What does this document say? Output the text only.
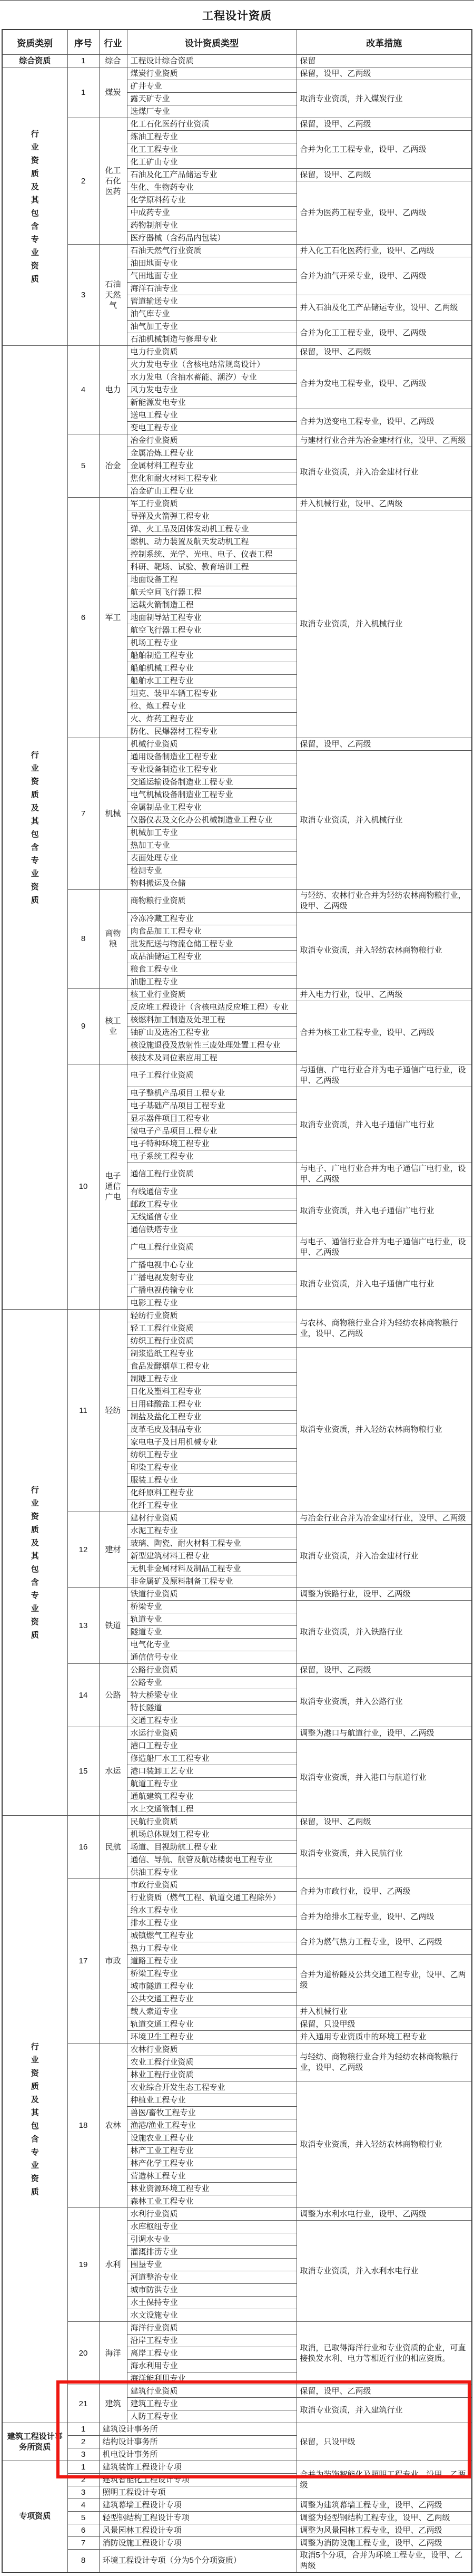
工程设计资质
资质类别	序号	行业	设计资质类型	改革措施
综合资质	1	综合	工程设计综合资质	保留

行业资质及其包含专业资质	1	煤炭	煤炭行业资质	保留，设甲、乙两级
			矿井专业	取消专业资质，并入煤炭行业
			露天矿专业	
			选煤厂专业	
	2	化工石化医药	化工石化医药行业资质	保留，设甲、乙两级
			炼油工程专业	合并为化工工程专业，设甲、乙两级
			化工工程专业	
			化工矿山专业	
			石油及化工产品储运专业	保留，设甲、乙两级
			生化、生物药专业	合并为医药工程专业，设甲、乙两级
			化学原料药专业	
			中成药专业	
			药物制剂专业	
			医疗器械（含药品内包装）	
	3	石油天然气	石油天然气行业资质	并入化工石化医药行业，设甲、乙两级
			油田地面专业	合并为油气开采专业，设甲、乙两级
			气田地面专业	
			海洋石油专业	
			管道输送专业	并入石油及化工产品储运专业，设甲、乙两级
			油气库专业	
			油气加工专业	合并为化工工程专业，设甲、乙两级
			石油机械制造与修理专业	

行业资质及其包含专业资质	4	电力	电力行业资质	保留，设甲、乙两级
			火力发电专业（含核电站常规岛设计）	合并为发电工程专业，设甲、乙两级
			水力发电（含抽水蓄能、潮汐）专业	
			风力发电专业	
			新能源发电专业	
			送电工程专业	合并为送变电工程专业，设甲、乙两级
			变电工程专业	
	5	冶金	冶金行业资质	与建材行业合并为冶金建材行业，设甲、乙两级
			金属冶炼工程专业	取消专业资质，并入冶金建材行业
			金属材料工程专业	
			焦化和耐火材料工程专业	
			冶金矿山工程专业	
	6	军工	军工行业资质	并入机械行业，设甲、乙两级
			导弹及火箭弹工程专业	取消专业资质，并入机械行业
			弹、火工品及固体发动机工程专业	
			燃机、动力装置及航天发动机工程	
			控制系统、光学、光电、电子、仪表工程	
			科研、靶场、试验、教育培训工程	
			地面设备工程	
			航天空间飞行器工程	
			运载火箭制造工程	
			地面制导站工程专业	
			航空飞行器工程专业	
			机场工程专业	
			船舶制造工程专业	
			船舶机械工程专业	
			船舶水工工程专业	
			坦克、装甲车辆工程专业	
			枪、炮工程专业	
			火、炸药工程专业	
			防化、民爆器材工程专业	
	7	机械	机械行业资质	保留，设甲、乙两级
			通用设备制造业工程专业	取消专业资质，并入机械行业
			专业设备制造业工程专业	
			交通运输设备制造业工程专业	
			电气机械设备制造业工程专业	
			金属制品业工程专业	
			仪器仪表及文化办公机械制造业工程专业	
			机械加工专业	
			热加工专业	
			表面处理专业	
			检测专业	
			物料搬运及仓储	
	8	商物粮	商物粮行业资质	与轻纺、农林行业合并为轻纺农林商物粮行业，设甲、乙两级
			冷冻冷藏工程专业	取消专业资质，并入轻纺农林商物粮行业
			肉食品加工工程专业	
			批发配送与物流仓储工程专业	
			成品油储运工程专业	
			粮食工程专业	
			油脂工程专业	
	9	核工业	核工业行业资质	并入电力行业，设甲、乙两级
			反应堆工程设计（含核电站反应堆工程）专业	合并为核工业工程专业，设甲、乙两级
			核燃料加工制造及处理工程	
			铀矿山及选冶工程专业	
			核设施退役及放射性三废处理处置工程专业	
			核技术及同位素应用工程	
	10	电子通信广电	电子工程行业资质	与通信、广电行业合并为电子通信广电行业，设甲、乙两级
			电子整机产品项目工程专业	取消专业资质，并入电子通信广电行业
			电子基础产品项目工程专业	
			显示器件项目工程专业	
			微电子产品项目工程专业	
			电子特种环境工程专业	
			电子系统工程专业	
			通信工程行业资质	与电子、广电行业合并为电子通信广电行业，设甲、乙两级
			有线通信专业	取消专业资质，并入电子通信广电行业
			邮政工程专业	
			无线通信专业	
			通信铁塔专业	
			广电工程行业资质	与电子、通信行业合并为电子通信广电行业，设甲、乙两级
			广播电视中心专业	取消专业资质，并入电子通信广电行业
			广播电视发射专业	
			广播电视传输专业	
			电影工程专业	

行业资质及其包含专业资质	11	轻纺	轻纺行业资质	与农林、商物粮行业合并为轻纺农林商物粮行业，设甲、乙两级
			轻工工程行业资质	
			纺织工程行业资质	
			制浆造纸工程专业	取消专业资质，并入轻纺农林商物粮行业
			食品发酵烟草工程专业	
			制糖工程专业	
			日化及塑料工程专业	
			日用硅酸盐工程专业	
			制盐及盐化工程专业	
			皮革毛皮及制品专业	
			家电电子及日用机械专业	
			纺织工程专业	
			印染工程专业	
			服装工程专业	
			化纤原料工程专业	
			化纤工程专业	
	12	建材	建材行业资质	与冶金行业合并为冶金建材行业，设甲、乙两级
			水泥工程专业	取消专业资质，并入冶金建材行业
			玻璃、陶瓷、耐火材料工程专业	
			新型建筑材料工程专业	
			无机非金属材料及制品工程专业	
			非金属矿及原料制备工程专业	
	13	铁道	铁道行业资质	调整为铁路行业，设甲、乙两级
			桥梁专业	取消专业资质，并入铁路行业
			轨道专业	
			隧道专业	
			电气化专业	
			通信信号专业	
	14	公路	公路行业资质	保留，设甲、乙两级
			公路专业	取消专业资质，并入公路行业
			特大桥梁专业	
			特长隧道	
			交通工程专业	
	15	水运	水运行业资质	调整为港口与航道行业，设甲、乙两级
			港口工程专业	取消专业资质，并入港口与航道行业
			修造船厂水工工程专业	
			港口装卸工艺专业	
			航道工程专业	
			通航建筑工程专业	
			水上交通管制工程	

行业资质及其包含专业资质	16	民航	民航行业资质	保留，设甲、乙两级
			机场总体规划工程专业	取消专业资质，并入民航行业
			场道、目视助航工程专业	
			通信、导航、航管及航站楼弱电工程专业	
			供油工程专业	
	17	市政	市政行业资质	合并为市政行业，设甲、乙两级
			行业资质（燃气工程、轨道交通工程除外）	
			给水工程专业	合并为给排水工程专业，设甲、乙两级
			排水工程专业	
			城镇燃气工程专业	合并为燃气热力工程专业，设甲、乙两级
			热力工程专业	
			道路工程专业	合并为道桥隧及公共交通工程专业，设甲、乙两级
			桥梁工程专业	
			城市隧道工程专业	
			公共交通工程专业	
			载人索道专业	并入机械行业
			轨道交通工程专业	保留，只设甲级
			环境卫生工程专业	并入通用专业资质中的环境工程专业
	18	农林	农林行业资质	与轻纺、商物粮行业合并为轻纺农林商物粮行业，设甲、乙两级
			农业工程行业资质	
			林业工程行业资质	
			农业综合开发生态工程专业	取消专业资质，并入轻纺农林商物粮行业
			种植业工程专业	
			兽医/畜牧工程专业	
			渔港/渔业工程专业	
			设施农业工程专业	
			林产工业工程专业	
			林产化学工程专业	
			营造林工程专业	
			林业资源环境工程专业	
			森林工业工程专业	
	19	水利	水利行业资质	调整为水利水电行业，设甲、乙两级
			水库枢纽专业	取消专业资质，并入水利水电行业
			引调水专业	
			灌溉排涝专业	
			围垦专业	
			河道整治专业	
			城市防洪专业	
			水土保持专业	
			水文设施专业	
	20	海洋	海洋行业资质	取消，已取得海洋行业和专业资质的企业，可直接换发水利、电力等相近行业的相应资质。
			沿岸工程专业	
			离岸工程专业	
			海水利用专业	
			海洋能利用专业	
	21	建筑	建筑行业资质	保留，设甲、乙两级
			建筑工程专业	取消专业资质，并入建筑行业
			人防工程专业	
建筑工程设计事务所资质	1	建筑设计事务所		保留，只设甲级
	2	结构设计事务所		
	3	机电设计事务所		
专项资质	1	建筑装饰工程设计专项		合并为装饰智能化及照明工程专业，设甲、乙两级
	2	建筑智能化工程设计专项		
	3	照明工程设计专项		
	4	建筑幕墙工程设计专项		调整为建筑幕墙工程专业，设甲、乙两级
	5	轻型钢结构工程设计专项		调整为轻型钢结构工程专业，设甲、乙两级
	6	风景园林工程设计专项		调整为风景园林工程专业，设甲、乙两级
	7	消防设施工程设计专项		调整为消防设施工程专业，设甲、乙两级
	8	环境工程设计专项（分为5个分项资质）		取消5个分项，合并为环境工程专业，设甲、乙两级
